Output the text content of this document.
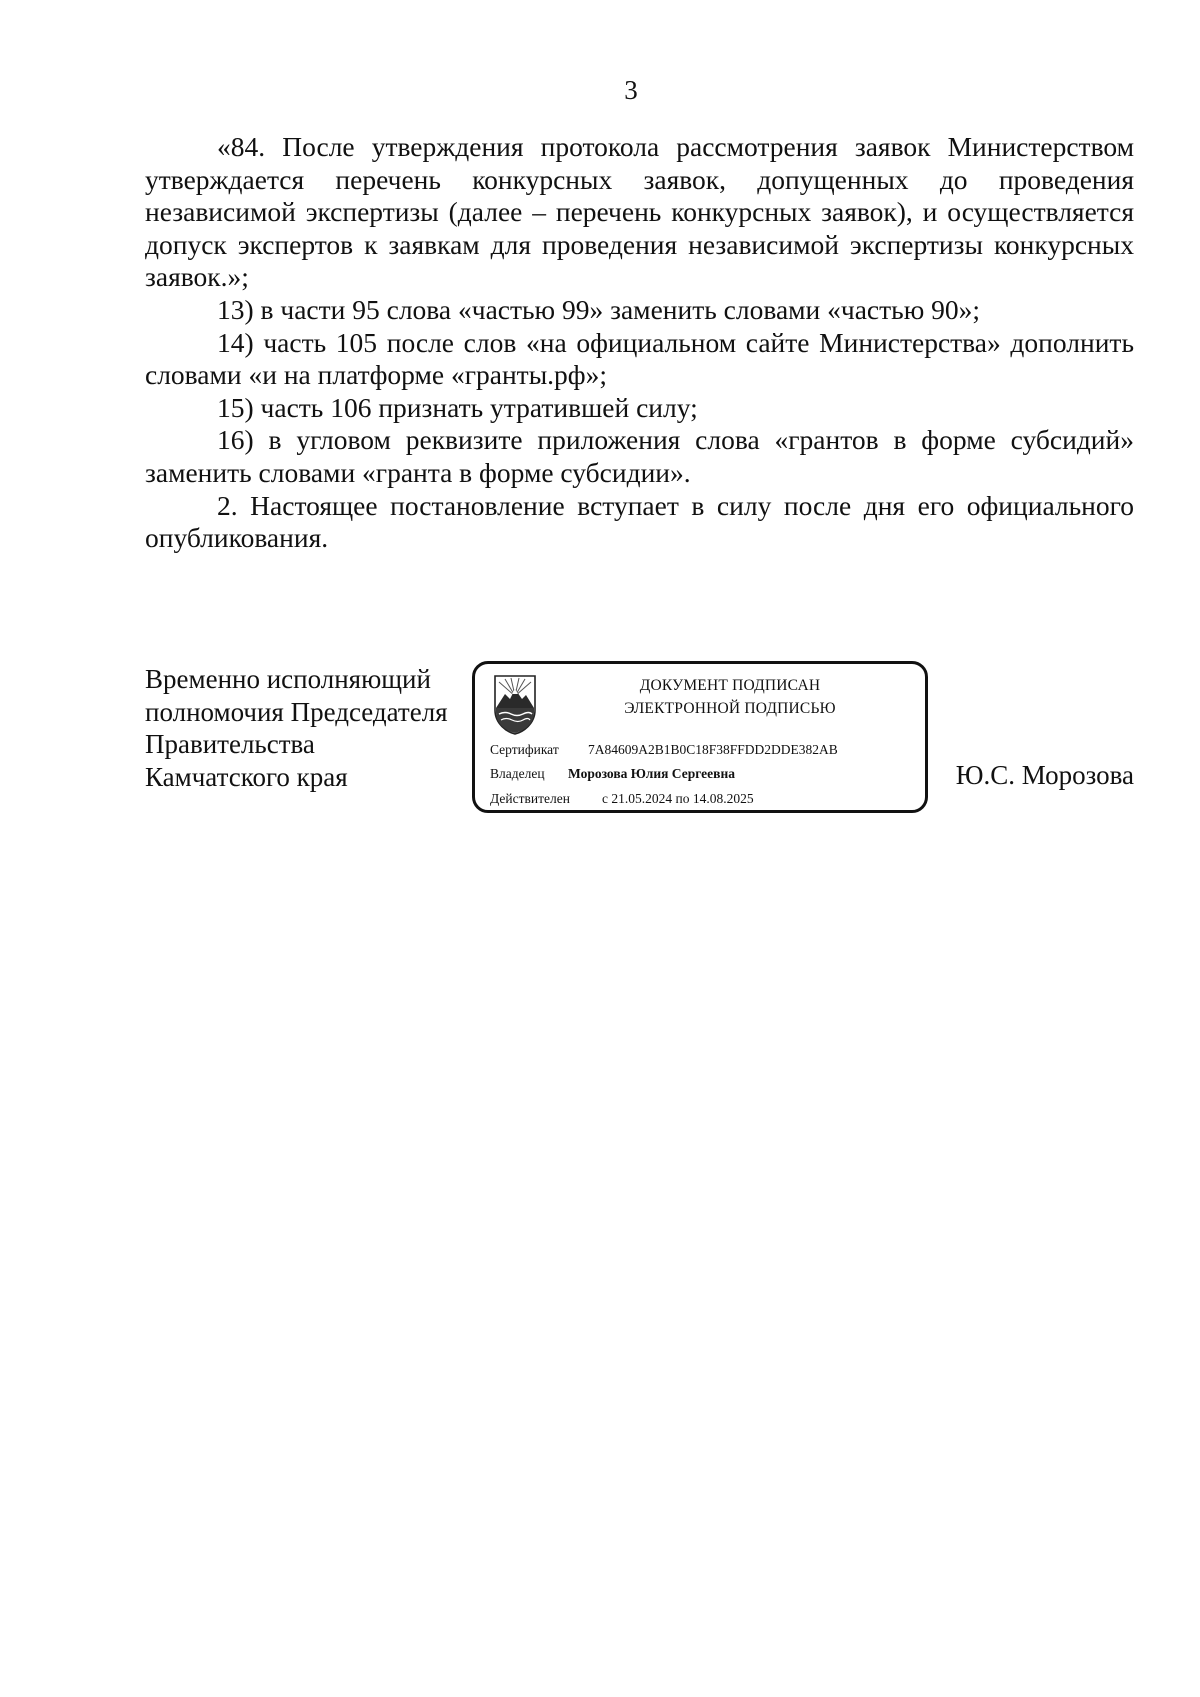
3

«84. После утверждения протокола рассмотрения заявок Министерством утверждается перечень конкурсных заявок, допущенных до проведения независимой экспертизы (далее – перечень конкурсных заявок), и осуществляется допуск экспертов к заявкам для проведения независимой экспертизы конкурсных заявок.»;

13) в части 95 слова «частью 99» заменить словами «частью 90»;

14) часть 105 после слов «на официальном сайте Министерства» дополнить словами «и на платформе «гранты.рф»;

15) часть 106 признать утратившей силу;

16) в угловом реквизите приложения слова «грантов в форме субсидий» заменить словами «гранта в форме субсидии».

2. Настоящее постановление вступает в силу после дня его официального опубликования.

Временно исполняющий
полномочия Председателя
Правительства
Камчатского края
ДОКУМЕНТ ПОДПИСАН
ЭЛЕКТРОННОЙ ПОДПИСЬЮ
Сертификат 7A84609A2B1B0C18F38FFDD2DDE382AB
Владелец Морозова Юлия Сергеевна
Действителен с 21.05.2024 по 14.08.2025
Ю.С. Морозова
